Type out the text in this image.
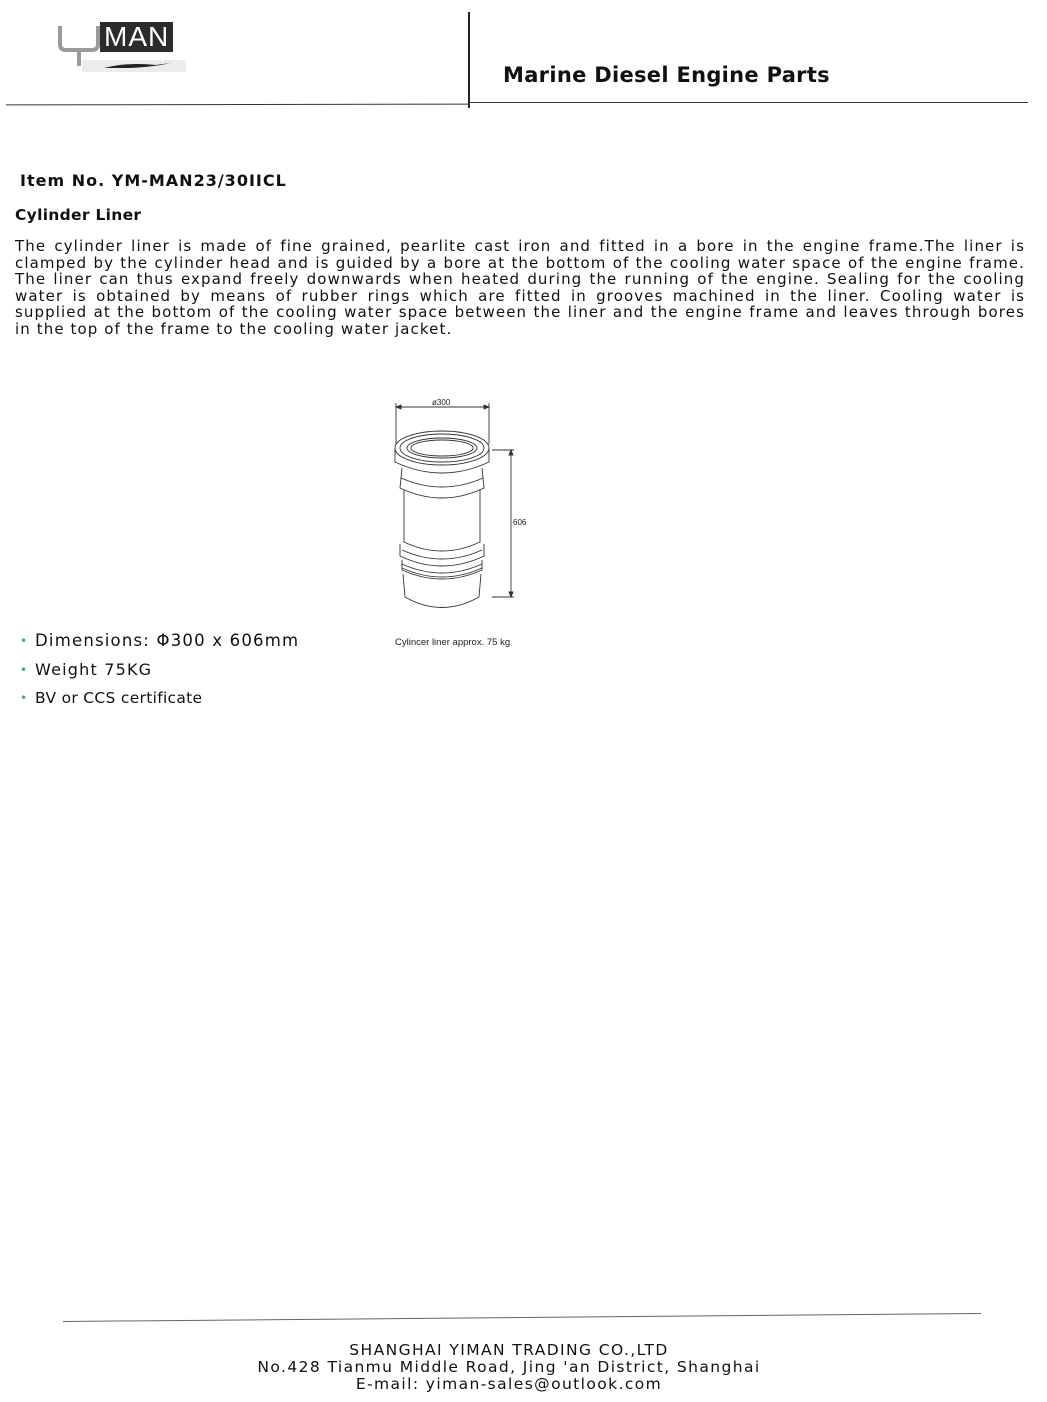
MAN
Marine Diesel Engine Parts
Item No. YM-MAN23/30IICL
Cylinder Liner
The cylinder liner is made of fine grained, pearlite cast iron and fitted in a bore in the engine frame.The liner is clamped by the cylinder head and is guided by a bore at the bottom of the cooling water space of the engine frame. The liner can thus expand freely downwards when heated during the running of the engine. Sealing for the cooling water is obtained by means of rubber rings which are fitted in grooves machined in the liner. Cooling water is supplied at the bottom of the cooling water space between the liner and the engine frame and leaves through bores in the top of the frame to the cooling water jacket.
ø300
606
Cylincer liner approx. 75 kg
• Dimensions: Φ300 x 606mm
• Weight 75KG
• BV or CCS certificate
SHANGHAI YIMAN TRADING CO.,LTD
No.428 Tianmu Middle Road, Jing 'an District, Shanghai
E-mail: yiman-sales@outlook.com
